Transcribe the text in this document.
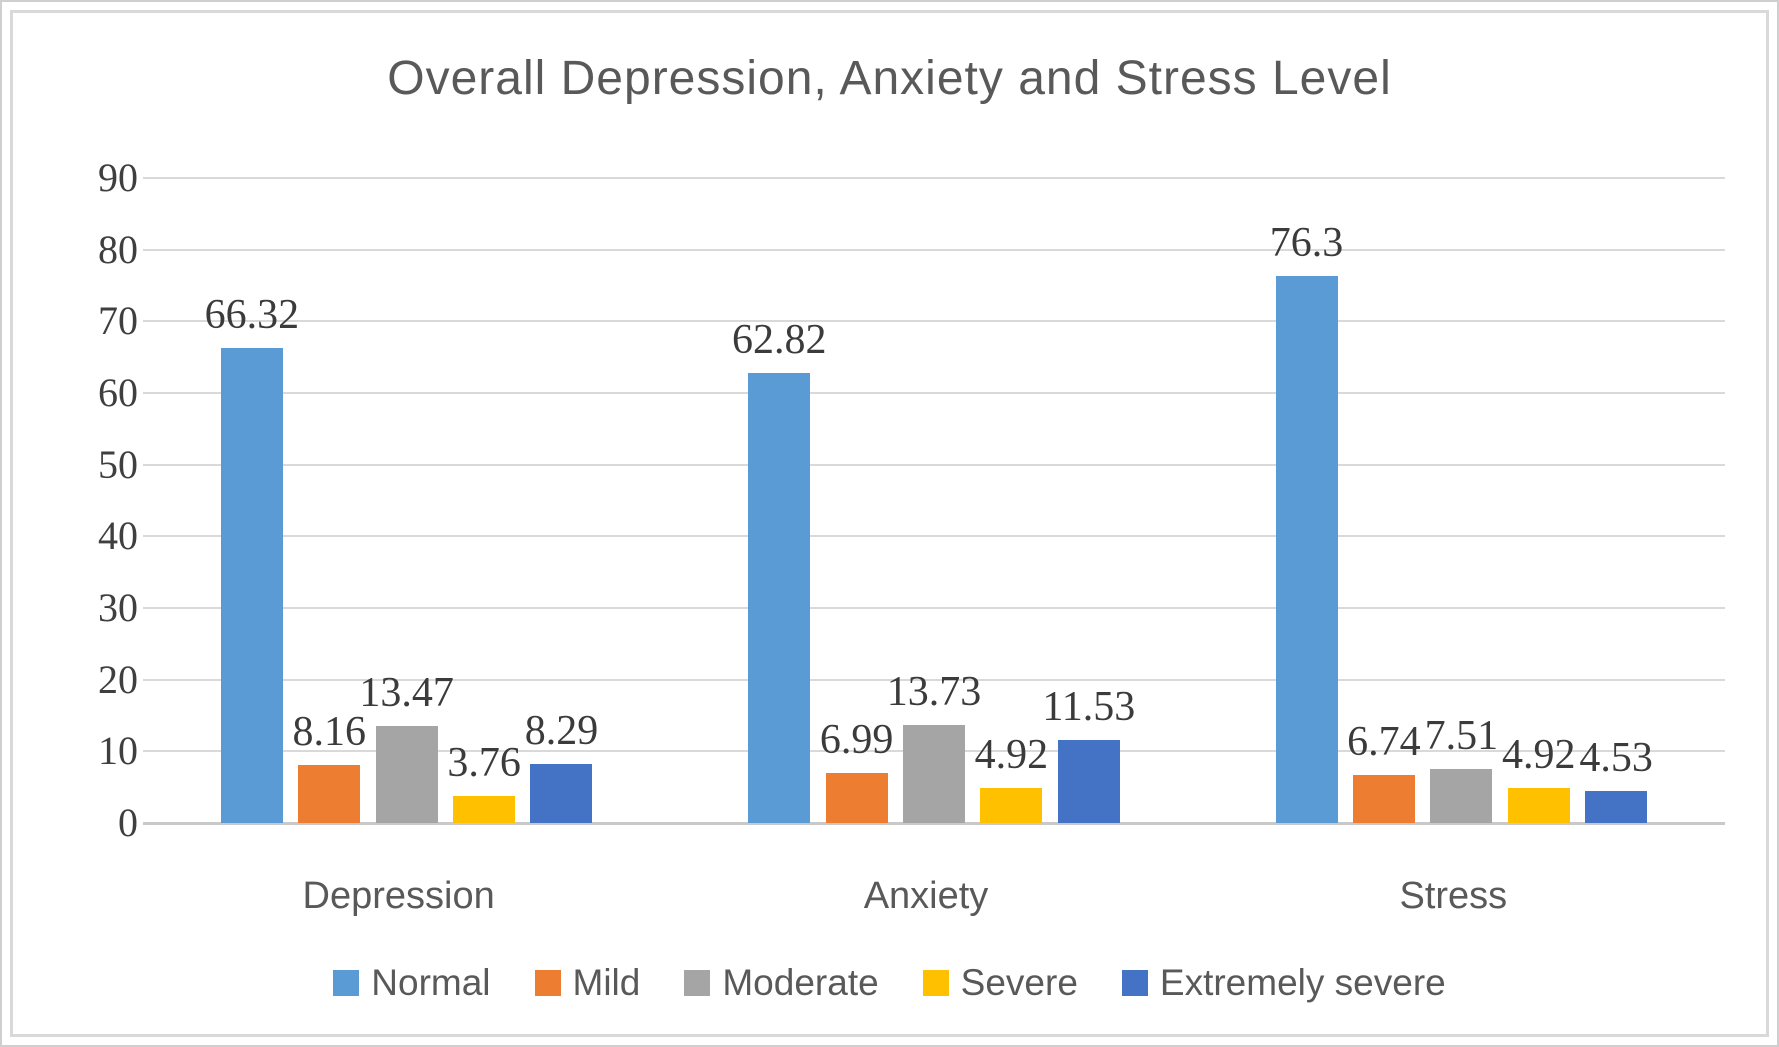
Overall Depression, Anxiety and Stress Level
0
10
20
30
40
50
60
70
80
90
66.32
8.16
13.47
3.76
8.29
62.82
6.99
13.73
4.92
11.53
76.3
6.74 7.51 4.92 4.53
Normal Mild Moderate Severe Extremely severe
Depression	Anxiety	Stress
